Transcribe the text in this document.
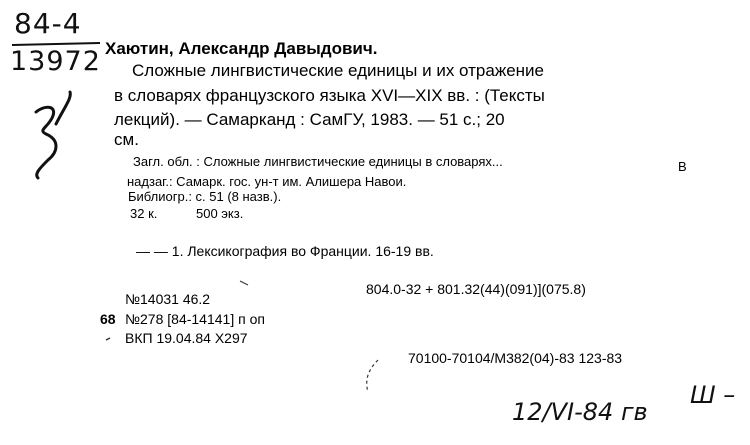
84-4
13972 Хаютин, Александр Давыдович.
Сложные лингвистические единицы и их отражение
в словарях французского языка XVI—XIX вв. : (Тексты
лекций). — Самарканд : СамГУ, 1983. — 51 с.; 20
см.
Загл. обл. : Сложные лингвистические единицы в словарях...	В
надзаг.: Самарк. гос. ун-т им. Алишера Навои.
Библиогр.: с. 51 (8 назв.).
32 к.	500 экз.
— — 1. Лексикография во Франции. 16-19 вв.
804.0-32 + 801.32(44)(091)](075.8)
№14031 46.2
68 №278 [84-14141] п оп
ВКП 19.04.84 Х297
70100-70104/М382(04)-83 123-83
12/VI-84 гв
Ш –
